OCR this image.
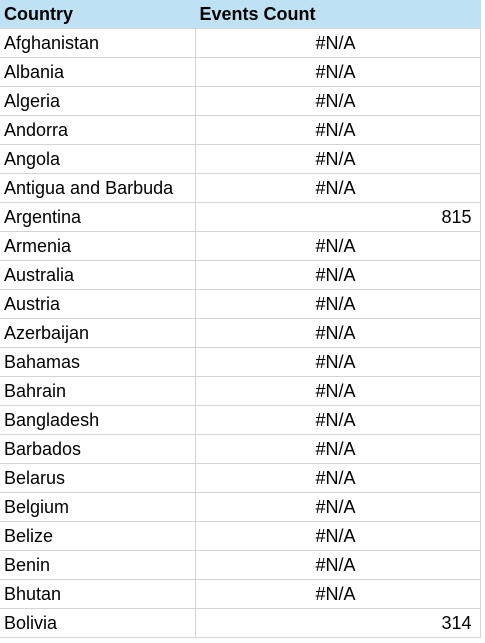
Country	Events Count
Afghanistan	#N/A
Albania	#N/A
Algeria	#N/A
Andorra	#N/A
Angola	#N/A
Antigua and Barbuda	#N/A
Argentina	815
Armenia	#N/A
Australia	#N/A
Austria	#N/A
Azerbaijan	#N/A
Bahamas	#N/A
Bahrain	#N/A
Bangladesh	#N/A
Barbados	#N/A
Belarus	#N/A
Belgium	#N/A
Belize	#N/A
Benin	#N/A
Bhutan	#N/A
Bolivia	314
